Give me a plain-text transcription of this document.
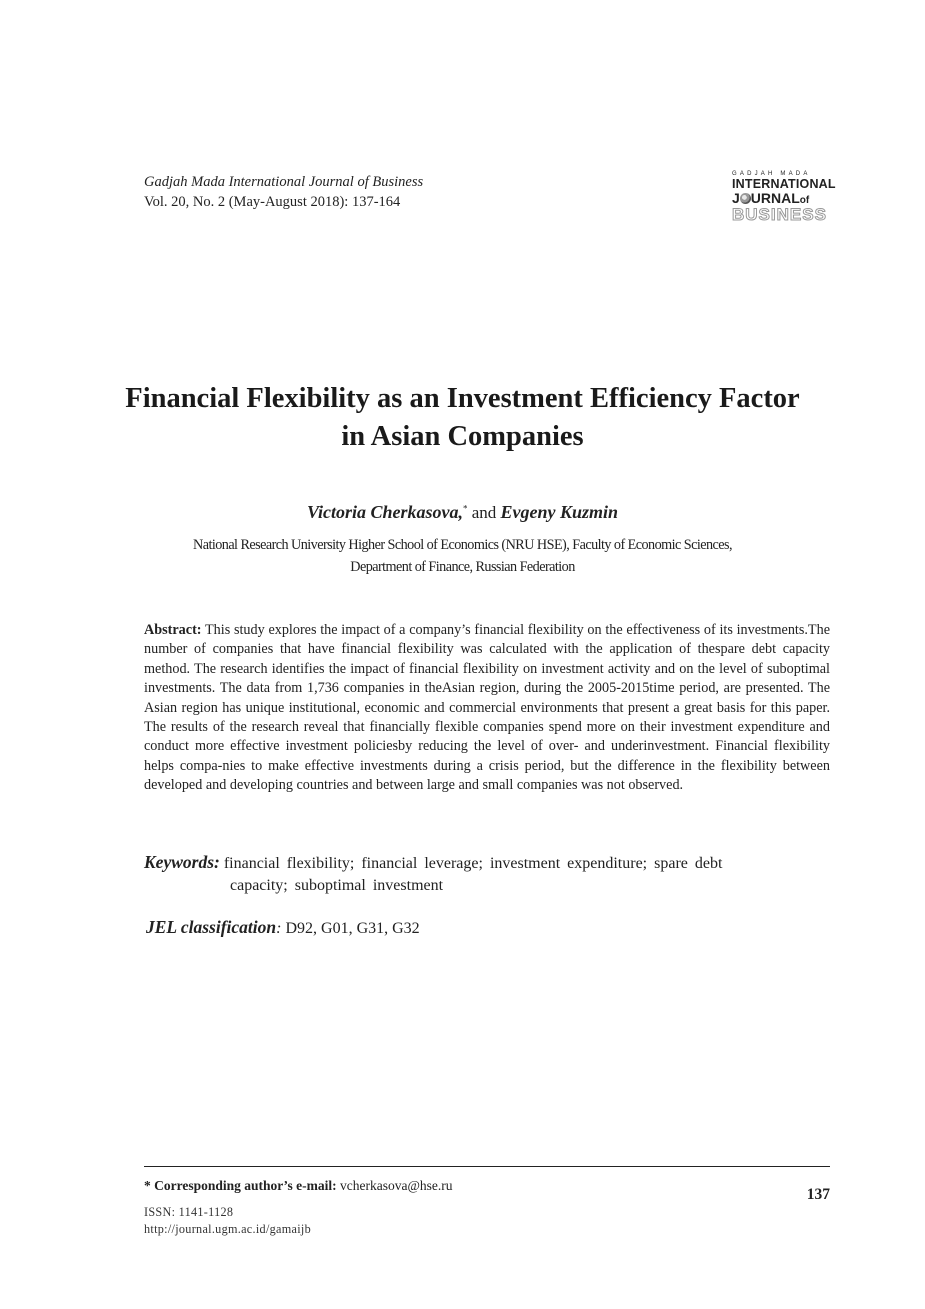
Gadjah Mada International Journal of Business
Vol. 20, No. 2 (May-August 2018): 137-164
GADJAH MADA
INTERNATIONAL
J URNALof
BUSINESS
Financial Flexibility as an Investment Efficiency Factor
in Asian Companies
Victoria Cherkasova,* and Evgeny Kuzmin
National Research University Higher School of Economics (NRU HSE), Faculty of Economic Sciences,
Department of Finance, Russian Federation
Abstract: This study explores the impact of a company’s financial flexibility on the effectiveness of its investments.The number of companies that have financial flexibility was calculated with the application of thespare debt capacity method. The research identifies the impact of financial flexibility on investment activity and on the level of suboptimal investments. The data from 1,736 companies in theAsian region, during the 2005-2015time period, are presented. The Asian region has unique institutional, economic and commercial environments that present a great basis for this paper. The results of the research reveal that financially flexible companies spend more on their investment expenditure and conduct more effective investment policiesby reducing the level of over- and underinvestment. Financial flexibility helps compa-nies to make effective investments during a crisis period, but the difference in the flexibility between developed and developing countries and between large and small companies was not observed.
Keywords: financial flexibility; financial leverage; investment expenditure; spare debt
capacity; suboptimal investment
JEL classification: D92, G01, G31, G32
* Corresponding author’s e-mail: vcherkasova@hse.ru
137
ISSN: 1141-1128
http://journal.ugm.ac.id/gamaijb
